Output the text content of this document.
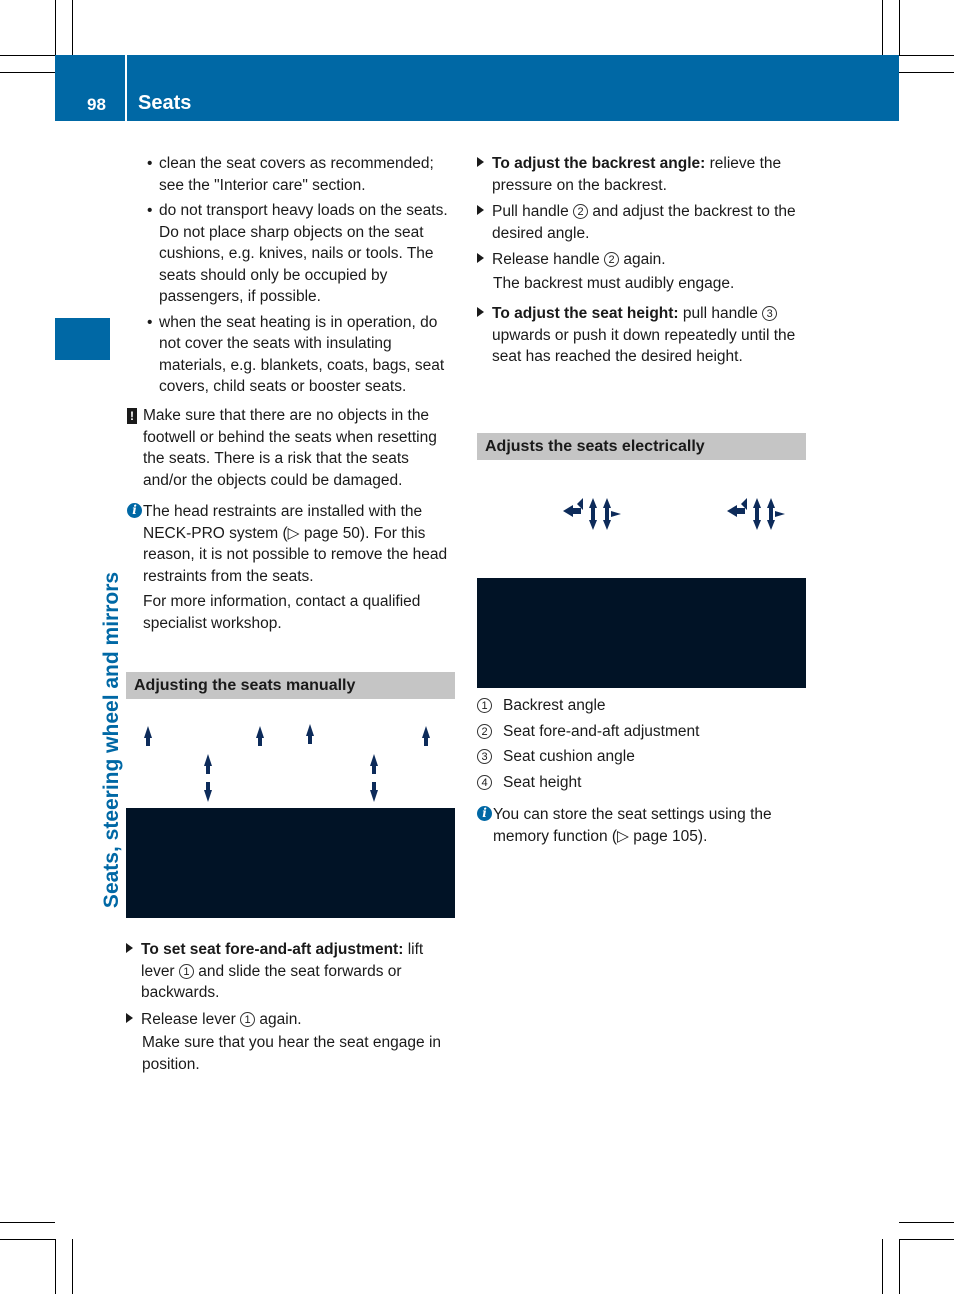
98 Seats
Seats, steering wheel and mirrors
• clean the seat covers as recommended; see the "Interior care" section.
• do not transport heavy loads on the seats. Do not place sharp objects on the seat cushions, e.g. knives, nails or tools. The seats should only be occupied by passengers, if possible.
• when the seat heating is in operation, do not cover the seats with insulating materials, e.g. blankets, coats, bags, seat covers, child seats or booster seats.
! Make sure that there are no objects in the footwell or behind the seats when resetting the seats. There is a risk that the seats and/or the objects could be damaged.
i The head restraints are installed with the NECK-PRO system (▷ page 50). For this reason, it is not possible to remove the head restraints from the seats.
For more information, contact a qualified specialist workshop.
Adjusting the seats manually
To set seat fore-and-aft adjustment: lift lever 1 and slide the seat forwards or backwards.
Release lever 1 again.
Make sure that you hear the seat engage in position.
To adjust the backrest angle: relieve the pressure on the backrest.
Pull handle 2 and adjust the backrest to the desired angle.
Release handle 2 again.
The backrest must audibly engage.
To adjust the seat height: pull handle 3 upwards or push it down repeatedly until the seat has reached the desired height.
Adjusts the seats electrically
1 Backrest angle
2 Seat fore-and-aft adjustment
3 Seat cushion angle
4 Seat height
i You can store the seat settings using the memory function (▷ page 105).
